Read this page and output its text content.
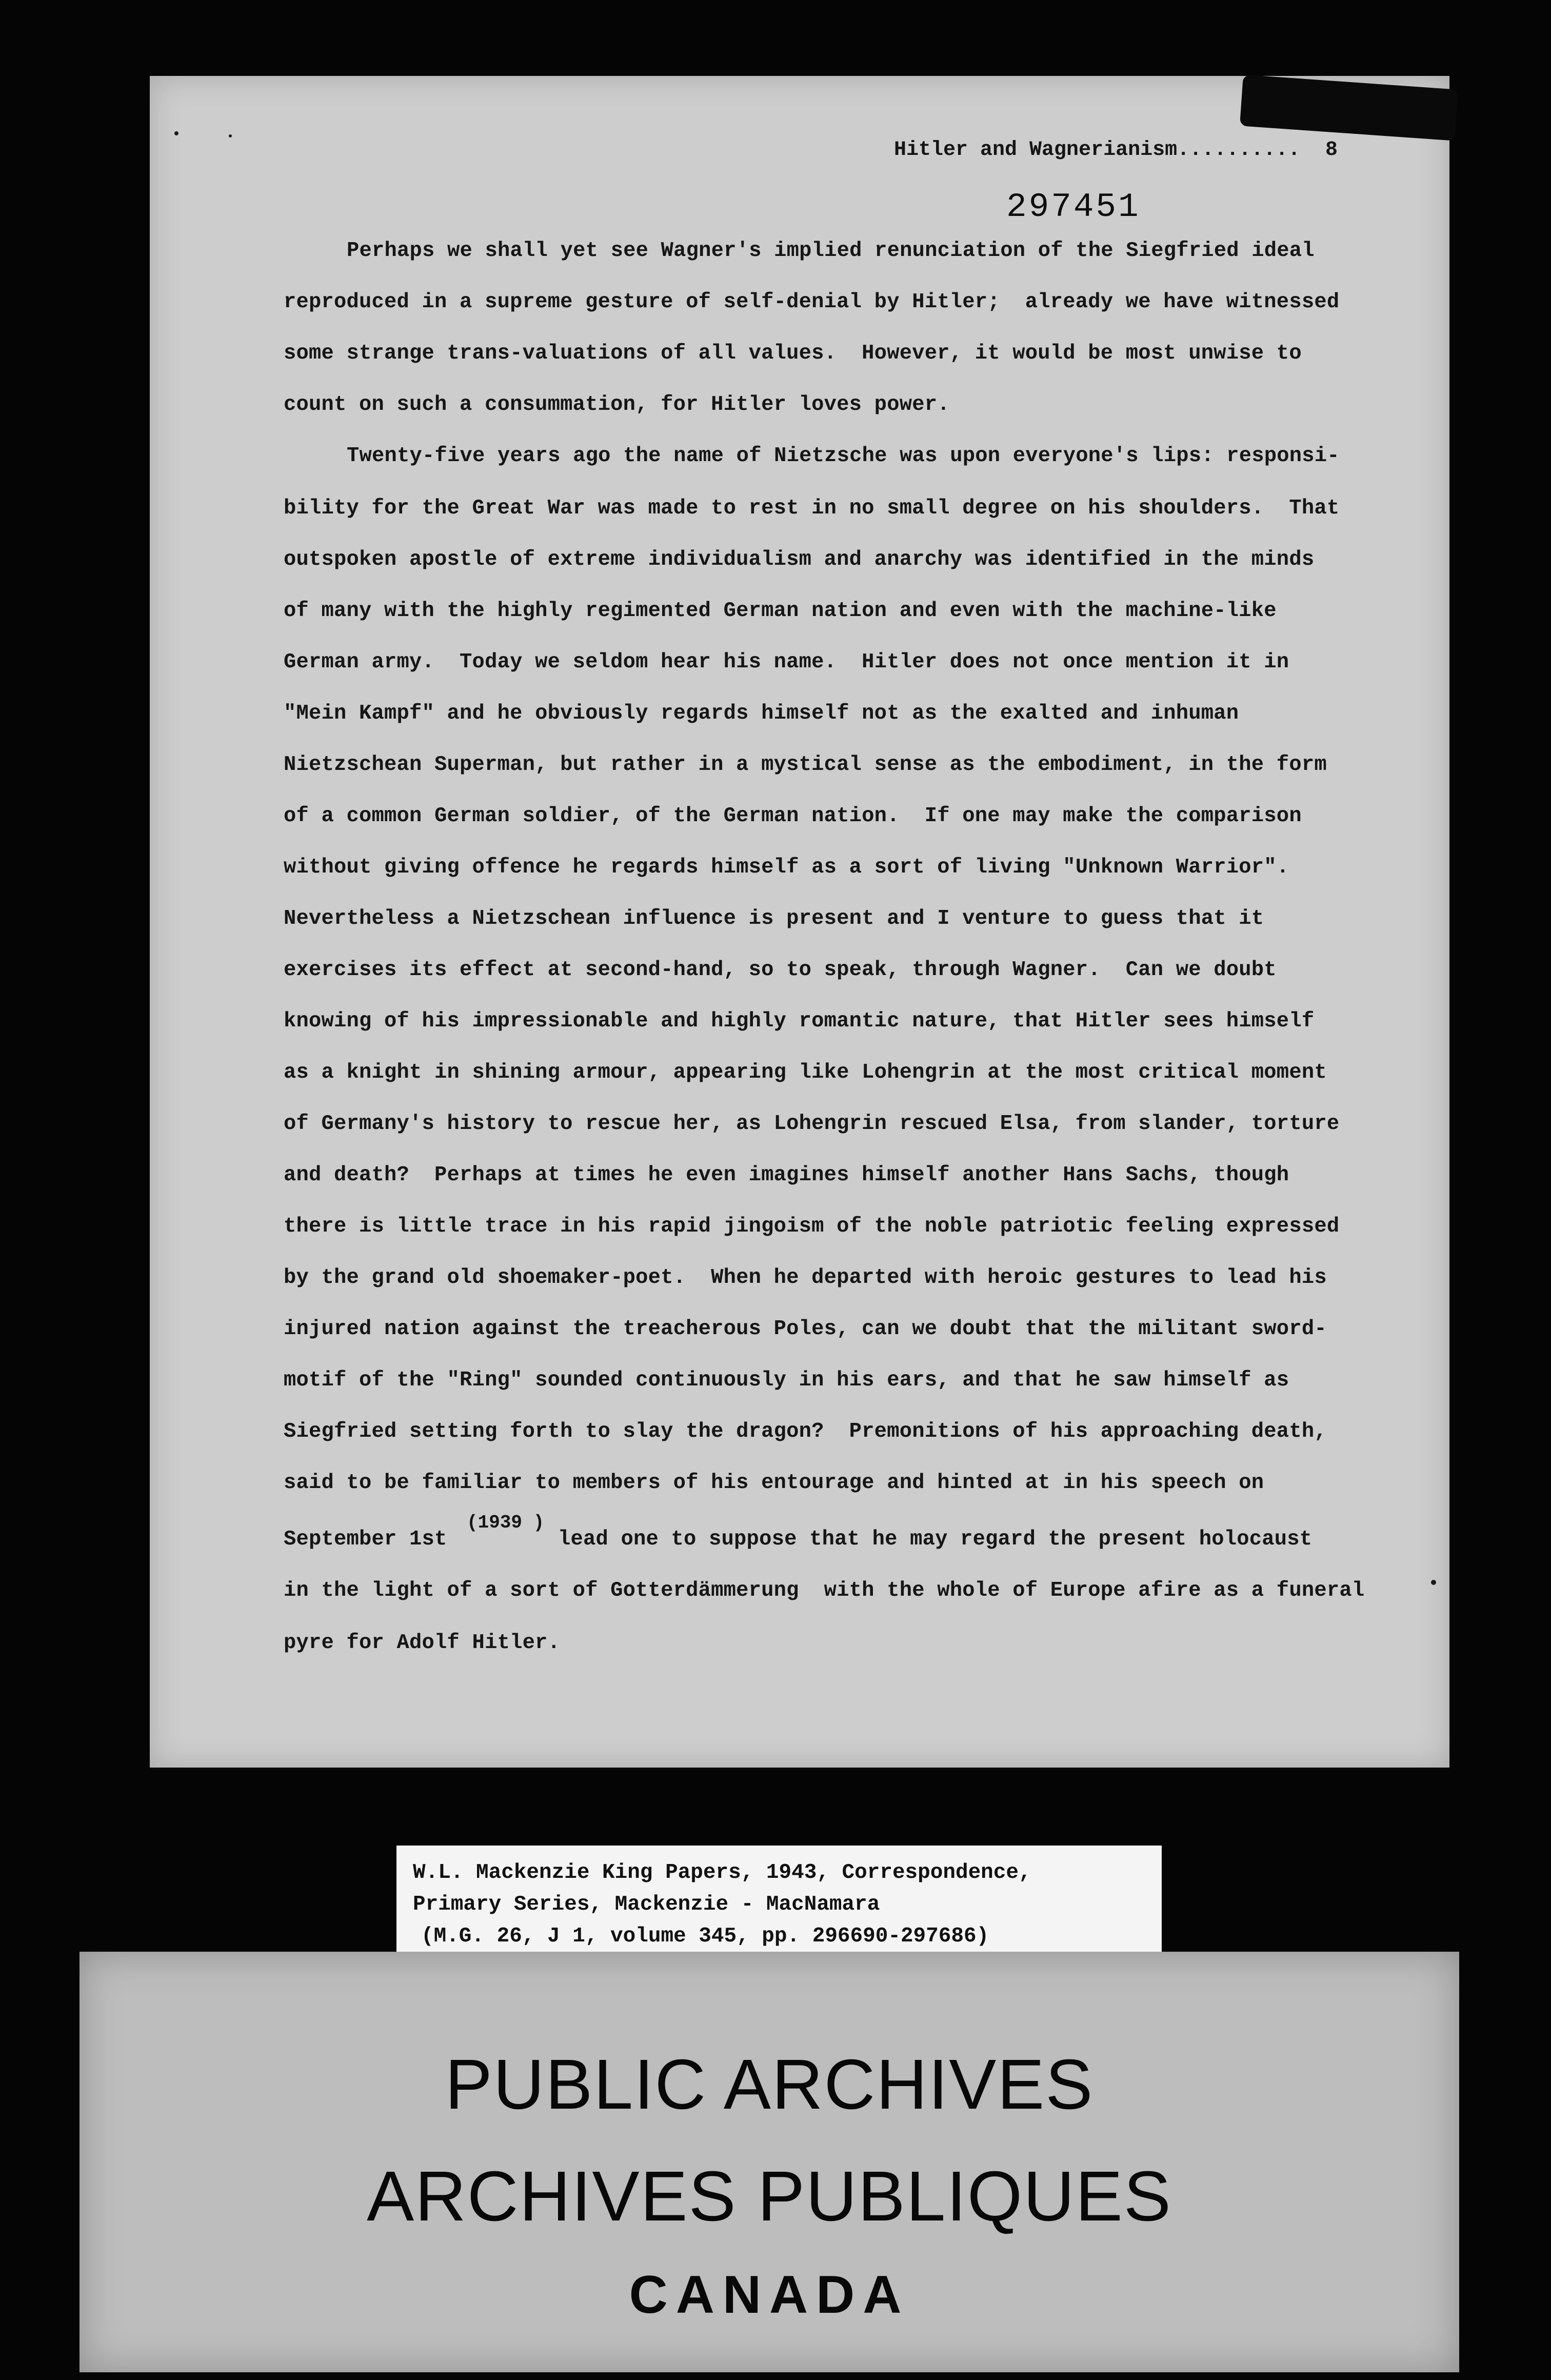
Hitler and Wagnerianism.......... 8
297451
Perhaps we shall yet see Wagner's implied renunciation of the Siegfried ideal
reproduced in a supreme gesture of self-denial by Hitler;  already we have witnessed
some strange trans-valuations of all values.  However, it would be most unwise to
count on such a consummation, for Hitler loves power.
Twenty-five years ago the name of Nietzsche was upon everyone's lips: responsi-
bility for the Great War was made to rest in no small degree on his shoulders.  That
outspoken apostle of extreme individualism and anarchy was identified in the minds
of many with the highly regimented German nation and even with the machine-like
German army.  Today we seldom hear his name.  Hitler does not once mention it in
"Mein Kampf" and he obviously regards himself not as the exalted and inhuman
Nietzschean Superman, but rather in a mystical sense as the embodiment, in the form
of a common German soldier, of the German nation.  If one may make the comparison
without giving offence he regards himself as a sort of living "Unknown Warrior".
Nevertheless a Nietzschean influence is present and I venture to guess that it
exercises its effect at second-hand, so to speak, through Wagner.  Can we doubt
knowing of his impressionable and highly romantic nature, that Hitler sees himself
as a knight in shining armour, appearing like Lohengrin at the most critical moment
of Germany's history to rescue her, as Lohengrin rescued Elsa, from slander, torture
and death?  Perhaps at times he even imagines himself another Hans Sachs, though
there is little trace in his rapid jingoism of the noble patriotic feeling expressed
by the grand old shoemaker-poet.  When he departed with heroic gestures to lead his
injured nation against the treacherous Poles, can we doubt that the militant sword-
motif of the "Ring" sounded continuously in his ears, and that he saw himself as
Siegfried setting forth to slay the dragon?  Premonitions of his approaching death,
said to be familiar to members of his entourage and hinted at in his speech on
September 1st
(1939 )
lead one to suppose that he may regard the present holocaust
in the light of a sort of Gotterdämmerung  with the whole of Europe afire as a funeral
pyre for Adolf Hitler.
W.L. Mackenzie King Papers, 1943, Correspondence,
Primary Series, Mackenzie - MacNamara
(M.G. 26, J 1, volume 345, pp. 296690-297686)
PUBLIC ARCHIVES
ARCHIVES PUBLIQUES
CANADA
